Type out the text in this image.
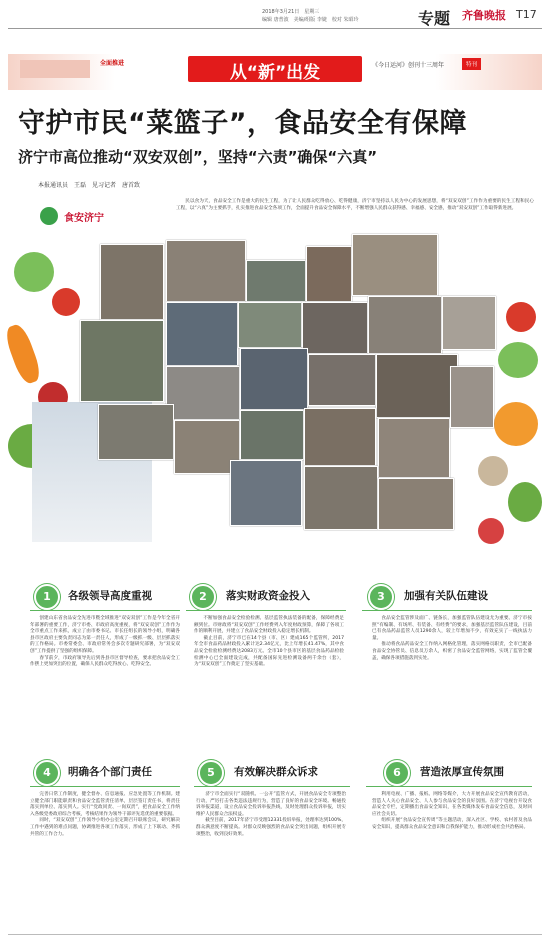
2018年3月21日　星期三
编辑 唐普波　美编/组版 李婕　校对 朱昭玲	专题 齐鲁晚报 T17
全面推进	从“新”出发	《今日运河》创刊十三周年	特刊
守护市民“菜篮子”，食品安全有保障
济宁市高位推动“双安双创”，坚持“六责”确保“六真”
本报通讯员　王磊　见习记者　唐首致
食安济宁
　　民以食为天，食品安全工作是重大的民生工程，为了让人民群众吃得放心、吃得健康，济宁市坚持以人民为中心的发展思想，将“双安双创”工作作为重要的民生工程和民心工程，以“六真”为主要抓手，扎实推进食品安全各项工作，全面提升食品安全保障水平，不断增强人民群众获得感、幸福感、安全感，推动“双安双创”工作取得新进展。
1	各级领导高度重视
　　创建山东省食品安全先进市暨全域推进“双安双创”工作是今年全省开年部署的重要工作，济宁市委、市政府高度重视，将“双安双创”工作作为全市重点工作来抓，成立了由市委书记、市长任组长的领导小组，明确各县市区政府主要负责同志为第一责任人，形成了一级抓一级、层层抓落实的工作格局。市委常委会、市政府常务会多次专题研究部署，为“双安双创”工作提供了坚强的组织保障。
　　春节前夕，市政府领导先后到各县市区督导检查，要求把食品安全工作摆上更加突出的位置，确保人民群众吃得放心、吃得安全。
2	落实财政资金投入
　　不断加强食品安全检验检测、基层监管执法装备的配备，保障经费足额到位。市财政将“双安双创”工作经费列入年度财政预算，保障了各项工作的顺利开展，并建立了食品安全财政投入稳定增长机制。
　　截止目前，济宁市已在14个县（市、区）建成165个监管所，2017年全市食品药品财政投入累计达2.34亿元，比上年增长41.47%，其中食品安全检验检测经费达2083万元。全市10个县市区的基层食品药品检验检测中心已全面建设完成，共配备国际先进检测设备两千余台（套），为“双安双创”工作奠定了坚实基础。
3	加强有关队伍建设
　　食品安全监管涉及面广、链条长，加强监管队伍建设尤为重要。济宁市按照“有编制、有场所、有装备、有经费”的要求，加强基层监管队伍建设，目前已有食品药品监管人员1290余人，较上年增加不少，有效充实了一线执法力量。
　　推动将食品药品安全工作纳入网格化管理，落实网格员职责，全市已配备食品安全协管员、信息员万余人，织密了食品安全监管网络，实现了监管全覆盖，确保各项措施落到实处。
4	明确各个部门责任
　　完善日常工作制度，健全督办、信息通报、应急处置等工作机制。建立健全部门职能职责和食品安全监管责任清单，层层签订责任书，将责任落实到单位、落实到人。实行“党政同责、一岗双责”，把食品安全工作纳入各级党委政府综合考核，考核结果作为领导干部评先选优的重要依据。
　　同时，“双安双创”工作领导小组办公室定期召开联席会议，研究解决工作中遇到的难点问题，协调推进各项工作落实，形成了上下联动、齐抓共管的工作合力。
5	有效解决群众诉求
　　济宁市全面实行“双随机、一公开”监管方式，开展食品安全专项整治行动，严厉打击各类违法违规行为，营造了良好的食品安全环境。畅通投诉举报渠道，设立食品安全投诉举报热线，及时处理群众投诉举报，切实维护人民群众合法权益。
　　截至目前，2017年济宁市受理12331投诉举报，处理率达到100%，群众满意度不断提高。对群众反映强烈的食品安全突出问题，组织开展专项整治，收到良好效果。
6	营造浓厚宣传氛围
　　利用电视、广播、报纸、网络等媒介，大力开展食品安全宣传教育活动，营造人人关心食品安全、人人参与食品安全的良好氛围。在济宁电视台开设食品安全专栏，定期播出食品安全知识，在各类媒体发布食品安全信息，及时回应社会关切。
　　组织开展“食品安全宣传周”等主题活动，深入社区、学校、农村普及食品安全知识，提高群众食品安全意识和自我保护能力，推动形成社会共治格局。
